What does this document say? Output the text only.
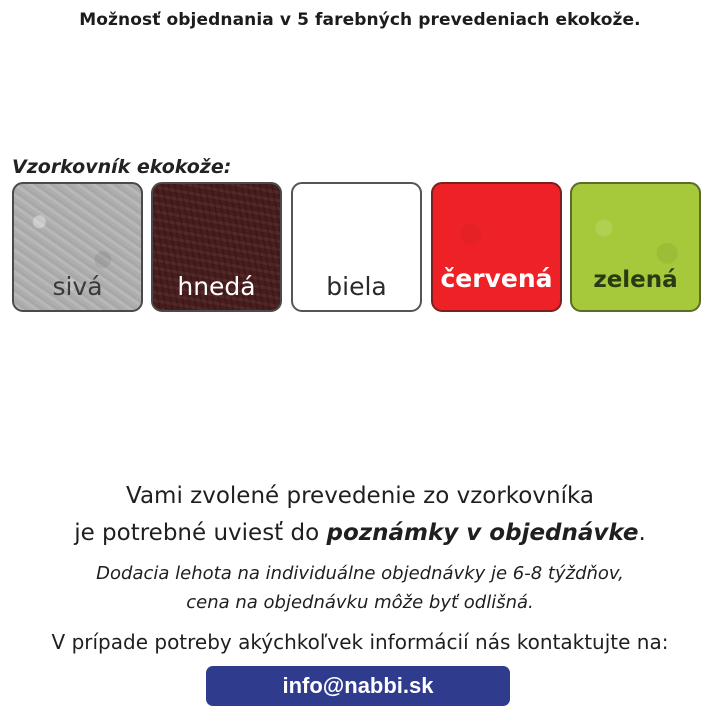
Možnosť objednania v 5 farebných prevedeniach ekokože.
Vzorkovník ekokože:
sivá	hnedá	biela	červená	zelená
Vami zvolené prevedenie zo vzorkovníka
je potrebné uviesť do poznámky v objednávke.
Dodacia lehota na individuálne objednávky je 6-8 týždňov,
cena na objednávku môže byť odlišná.
V prípade potreby akýchkoľvek informácií nás kontaktujte na:
info@nabbi.sk
